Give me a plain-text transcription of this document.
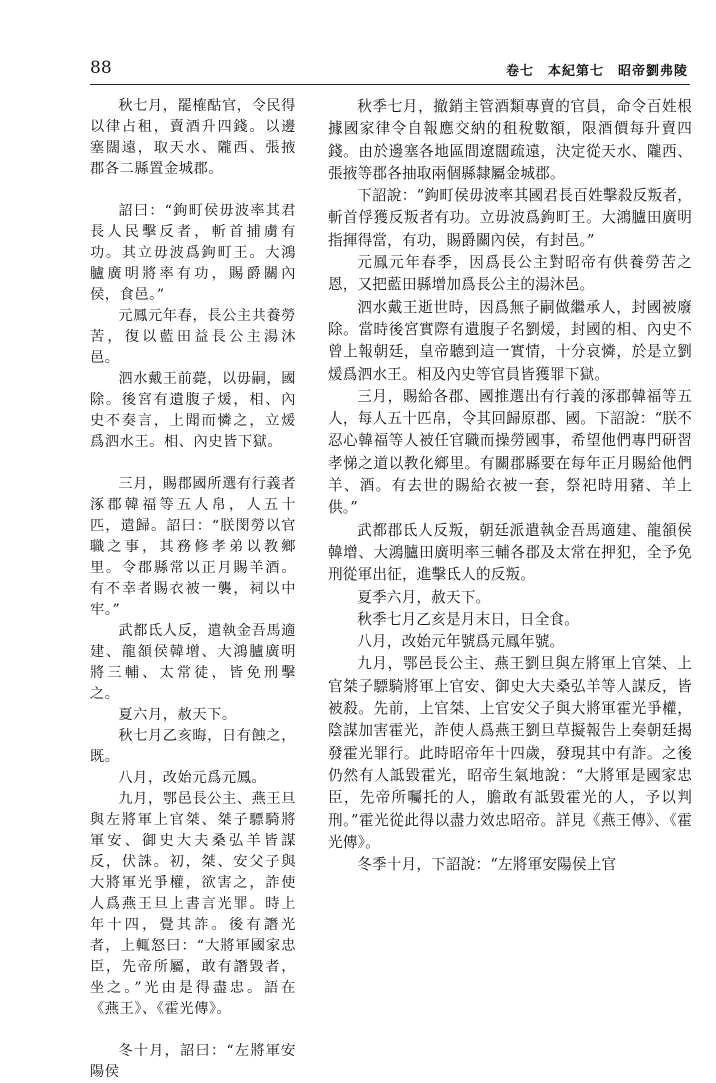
88	卷七　本紀第七　昭帝劉弗陵

秋七月，罷榷酤官，令民得以律占租，賣酒升四錢。以邊塞闊遠，取天水、隴西、張掖郡各二縣置金城郡。

詔曰：“鉤町侯毋波率其君長人民擊反者，斬首捕虜有功。其立毋波爲鉤町王。大鴻臚廣明將率有功，賜爵關內侯，食邑。”

元鳳元年春，長公主共養勞苦，復以藍田益長公主湯沐邑。

泗水戴王前薨，以毋嗣，國除。後宮有遺腹子煖，相、內史不奏言，上聞而憐之，立煖爲泗水王。相、內史皆下獄。

三月，賜郡國所選有行義者涿郡韓福等五人帛，人五十匹，遣歸。詔曰：“朕閔勞以官職之事，其務修孝弟以教鄉里。令郡縣常以正月賜羊酒。有不幸者賜衣被一襲，祠以中牢。”

武都氐人反，遣執金吾馬適建、龍頟侯韓增、大鴻臚廣明將三輔、太常徒，皆免刑擊之。

夏六月，赦天下。

秋七月乙亥晦，日有蝕之，既。

八月，改始元爲元鳳。

九月，鄂邑長公主、燕王旦與左將軍上官桀、桀子驃騎將軍安、御史大夫桑弘羊皆謀反，伏誅。初，桀、安父子與大將軍光爭權，欲害之，詐使人爲燕王旦上書言光罪。時上年十四，覺其詐。後有譖光者，上輒怒曰：“大將軍國家忠臣，先帝所屬，敢有譖毀者，坐之。”光由是得盡忠。語在《燕王》、《霍光傳》。

冬十月，詔曰：“左將軍安陽侯

秋季七月，撤銷主管酒類專賣的官員，命令百姓根據國家律令自報應交納的租稅數額，限酒價每升賣四錢。由於邊塞各地區間遼闊疏遠，決定從天水、隴西、張掖等郡各抽取兩個縣隸屬金城郡。

下詔說：“鉤町侯毋波率其國君長百姓擊殺反叛者，斬首俘獲反叛者有功。立毋波爲鉤町王。大鴻臚田廣明指揮得當，有功，賜爵關內侯，有封邑。”

元鳳元年春季，因爲長公主對昭帝有供養勞苦之恩，又把藍田縣增加爲長公主的湯沐邑。

泗水戴王逝世時，因爲無子嗣做繼承人，封國被廢除。當時後宮實際有遺腹子名劉煖，封國的相、內史不曾上報朝廷，皇帝聽到這一實情，十分哀憐，於是立劉煖爲泗水王。相及內史等官員皆獲罪下獄。

三月，賜給各郡、國推選出有行義的涿郡韓福等五人，每人五十匹帛，令其回歸原郡、國。下詔說：“朕不忍心韓福等人被任官職而操勞國事，希望他們專門研習孝悌之道以教化鄉里。有關郡縣要在每年正月賜給他們羊、酒。有去世的賜給衣被一套，祭祀時用豬、羊上供。”

武都郡氐人反叛，朝廷派遣執金吾馬適建、龍頟侯韓增、大鴻臚田廣明率三輔各郡及太常在押犯，全予免刑從軍出征，進擊氐人的反叛。

夏季六月，赦天下。

秋季七月乙亥是月末日，日全食。

八月，改始元年號爲元鳳年號。

九月，鄂邑長公主、燕王劉旦與左將軍上官桀、上官桀子驃騎將軍上官安、御史大夫桑弘羊等人謀反，皆被殺。先前，上官桀、上官安父子與大將軍霍光爭權，陰謀加害霍光，詐使人爲燕王劉旦草擬報告上奏朝廷揭發霍光罪行。此時昭帝年十四歲，發現其中有詐。之後仍然有人詆毀霍光，昭帝生氣地說：“大將軍是國家忠臣，先帝所囑托的人，膽敢有詆毀霍光的人，予以判刑。”霍光從此得以盡力效忠昭帝。詳見《燕王傳》、《霍光傳》。

冬季十月，下詔說：“左將軍安陽侯上官
